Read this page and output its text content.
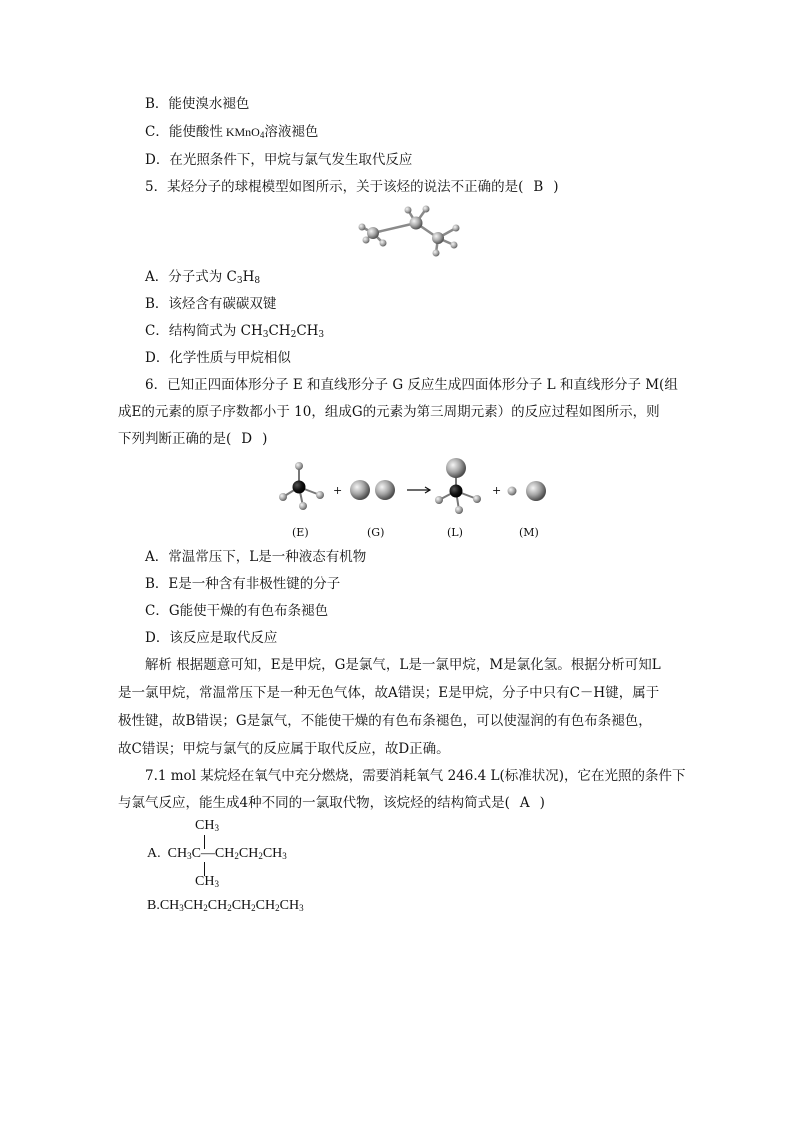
B．能使溴水褪色
C．能使酸性 KMnO$_4$溶液褪色
D．在光照条件下，甲烷与氯气发生取代反应
5．某烃分子的球棍模型如图所示，关于该烃的说法不正确的是( B )
A．分子式为 $C_3H_8$
B．该烃含有碳碳双键
C．结构简式为 $CH_3CH_2CH_3$
D．化学性质与甲烷相似
6．已知正四面体形分子 E 和直线形分子 G 反应生成四面体形分子 L 和直线形分子 M(组
成E的元素的原子序数都小于 10，组成G的元素为第三周期元素）的反应过程如图所示，则
下列判断正确的是( D )
+	+
(E)	(G)	(L)	(M)
A．常温常压下，L是一种液态有机物
B．E是一种含有非极性键的分子
C．G能使干燥的有色布条褪色
D．该反应是取代反应
解析 根据题意可知，E是甲烷，G是氯气，L是一氯甲烷，M是氯化氢。根据分析可知L
是一氯甲烷，常温常压下是一种无色气体，故A错误；E是甲烷，分子中只有C－H键，属于
极性键，故B错误；G是氯气，不能使干燥的有色布条褪色，可以使湿润的有色布条褪色，
故C错误；甲烷与氯气的反应属于取代反应，故D正确。
7.1 mol 某烷烃在氧气中充分燃烧，需要消耗氧气 246.4 L(标准状况)，它在光照的条件下
与氯气反应，能生成4种不同的一氯取代物，该烷烃的结构简式是( A )
$CH_3$
A. $CH_3C—CH_2CH_2CH_3$
$CH_3$
$B.CH_3CH_2CH_2CH_2CH_2CH_3$
